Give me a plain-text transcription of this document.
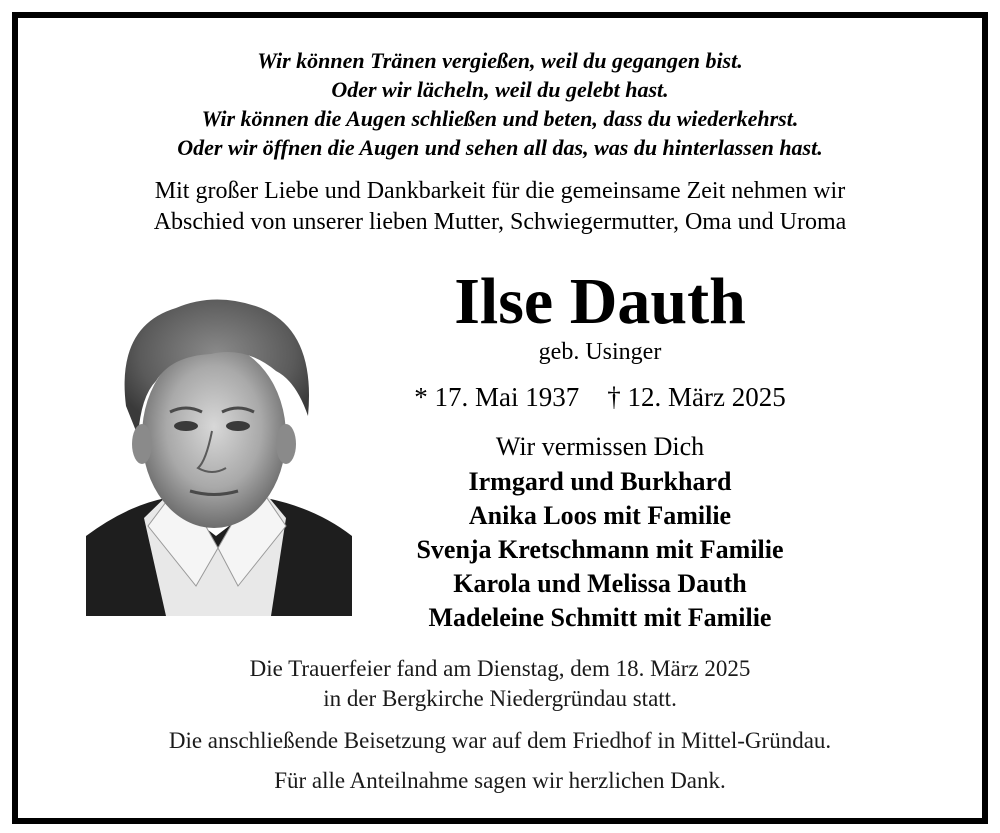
Wir können Tränen vergießen, weil du gegangen bist.
Oder wir lächeln, weil du gelebt hast.
Wir können die Augen schließen und beten, dass du wiederkehrst.
Oder wir öffnen die Augen und sehen all das, was du hinterlassen hast.
Mit großer Liebe und Dankbarkeit für die gemeinsame Zeit nehmen wir
Abschied von unserer lieben Mutter, Schwiegermutter, Oma und Uroma
Ilse Dauth
geb. Usinger
* 17. Mai 1937 † 12. März 2025
Wir vermissen Dich
Irmgard und Burkhard
Anika Loos mit Familie
Svenja Kretschmann mit Familie
Karola und Melissa Dauth
Madeleine Schmitt mit Familie
Die Trauerfeier fand am Dienstag, dem 18. März 2025
in der Bergkirche Niedergründau statt.
Die anschließende Beisetzung war auf dem Friedhof in Mittel-Gründau.
Für alle Anteilnahme sagen wir herzlichen Dank.
